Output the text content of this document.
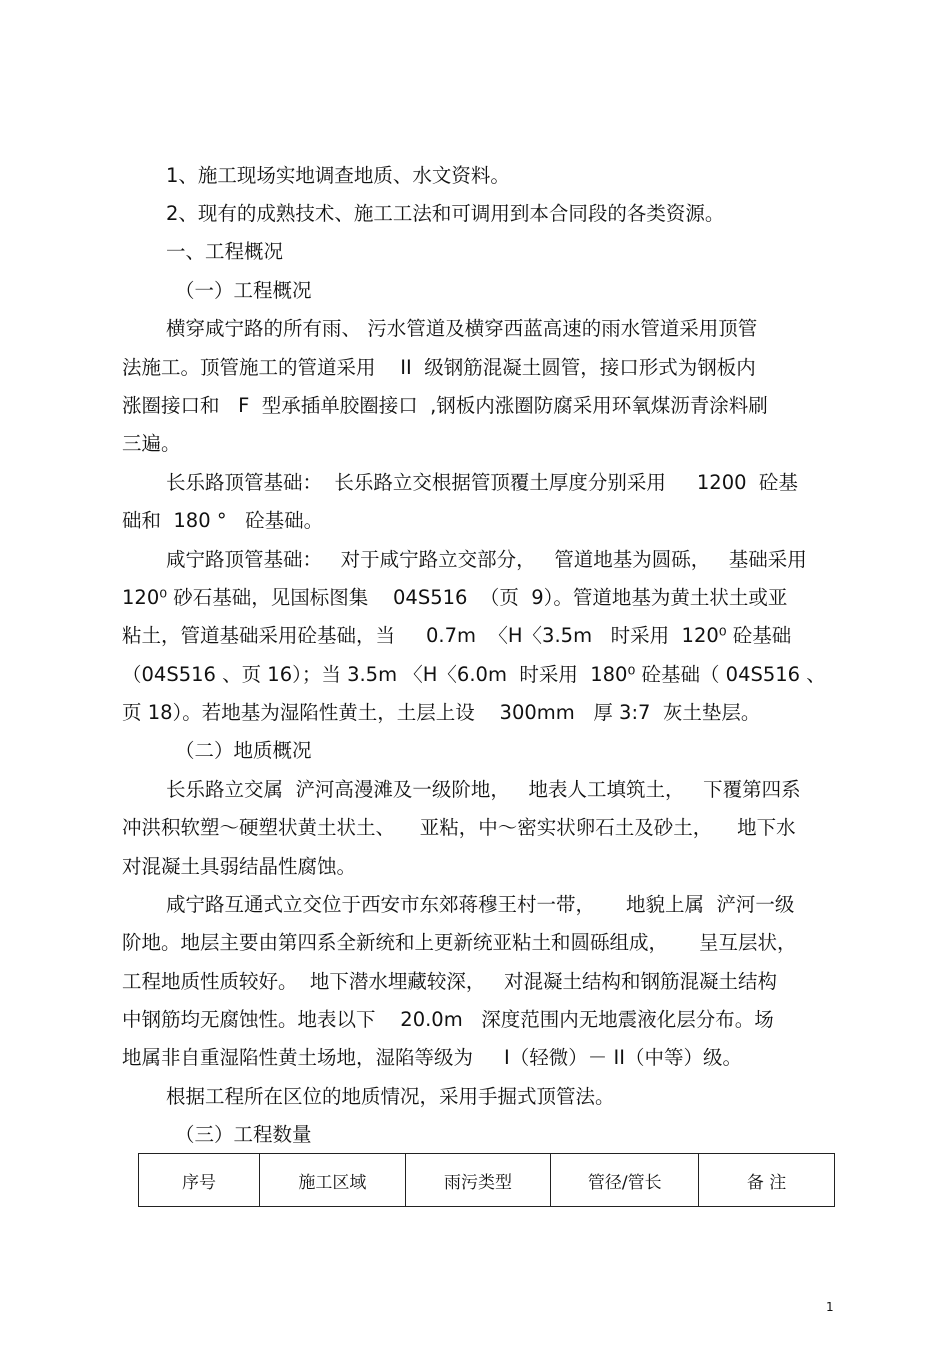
1、施工现场实地调查地质、水文资料。
2、现有的成熟技术、施工工法和可调用到本合同段的各类资源。
一、工程概况
（一）工程概况
横穿咸宁路的所有雨、 污水管道及横穿西蓝高速的雨水管道采用顶管
法施工。顶管施工的管道采用    II  级钢筋混凝土圆管，接口形式为钢板内
涨圈接口和   F  型承插单胶圈接口  ,钢板内涨圈防腐采用环氧煤沥青涂料刷
三遍。
长乐路顶管基础：  长乐路立交根据管顶覆土厚度分别采用     1200  砼基
础和  180 °   砼基础。
咸宁路顶管基础：   对于咸宁路立交部分，   管道地基为圆砾，   基础采用
120⁰ 砂石基础，见国标图集    04S516  （页  9）。管道地基为黄土状土或亚
粘土，管道基础采用砼基础，当     0.7m  〈H〈3.5m   时采用  120⁰ 砼基础
（04S516 、页 16）；当 3.5m 〈H〈6.0m  时采用  180⁰ 砼基础（ 04S516 、
页 18）。若地基为湿陷性黄土，土层上设    300mm   厚 3:7  灰土垫层。
（二）地质概况
长乐路立交属  浐河高漫滩及一级阶地，   地表人工填筑土，   下覆第四系
冲洪积软塑～硬塑状黄土状土、    亚粘，中～密实状卵石土及砂土，    地下水
对混凝土具弱结晶性腐蚀。
咸宁路互通式立交位于西安市东郊蒋穆王村一带，     地貌上属  浐河一级
阶地。地层主要由第四系全新统和上更新统亚粘土和圆砾组成，     呈互层状，
工程地质性质较好。  地下潜水埋藏较深，   对混凝土结构和钢筋混凝土结构
中钢筋均无腐蚀性。地表以下    20.0m   深度范围内无地震液化层分布。场
地属非自重湿陷性黄土场地，湿陷等级为     I（轻微）－ II（中等）级。
根据工程所在区位的地质情况，采用手掘式顶管法。
（三）工程数量
序号	施工区域	雨污类型	管径/管长	备 注
1
